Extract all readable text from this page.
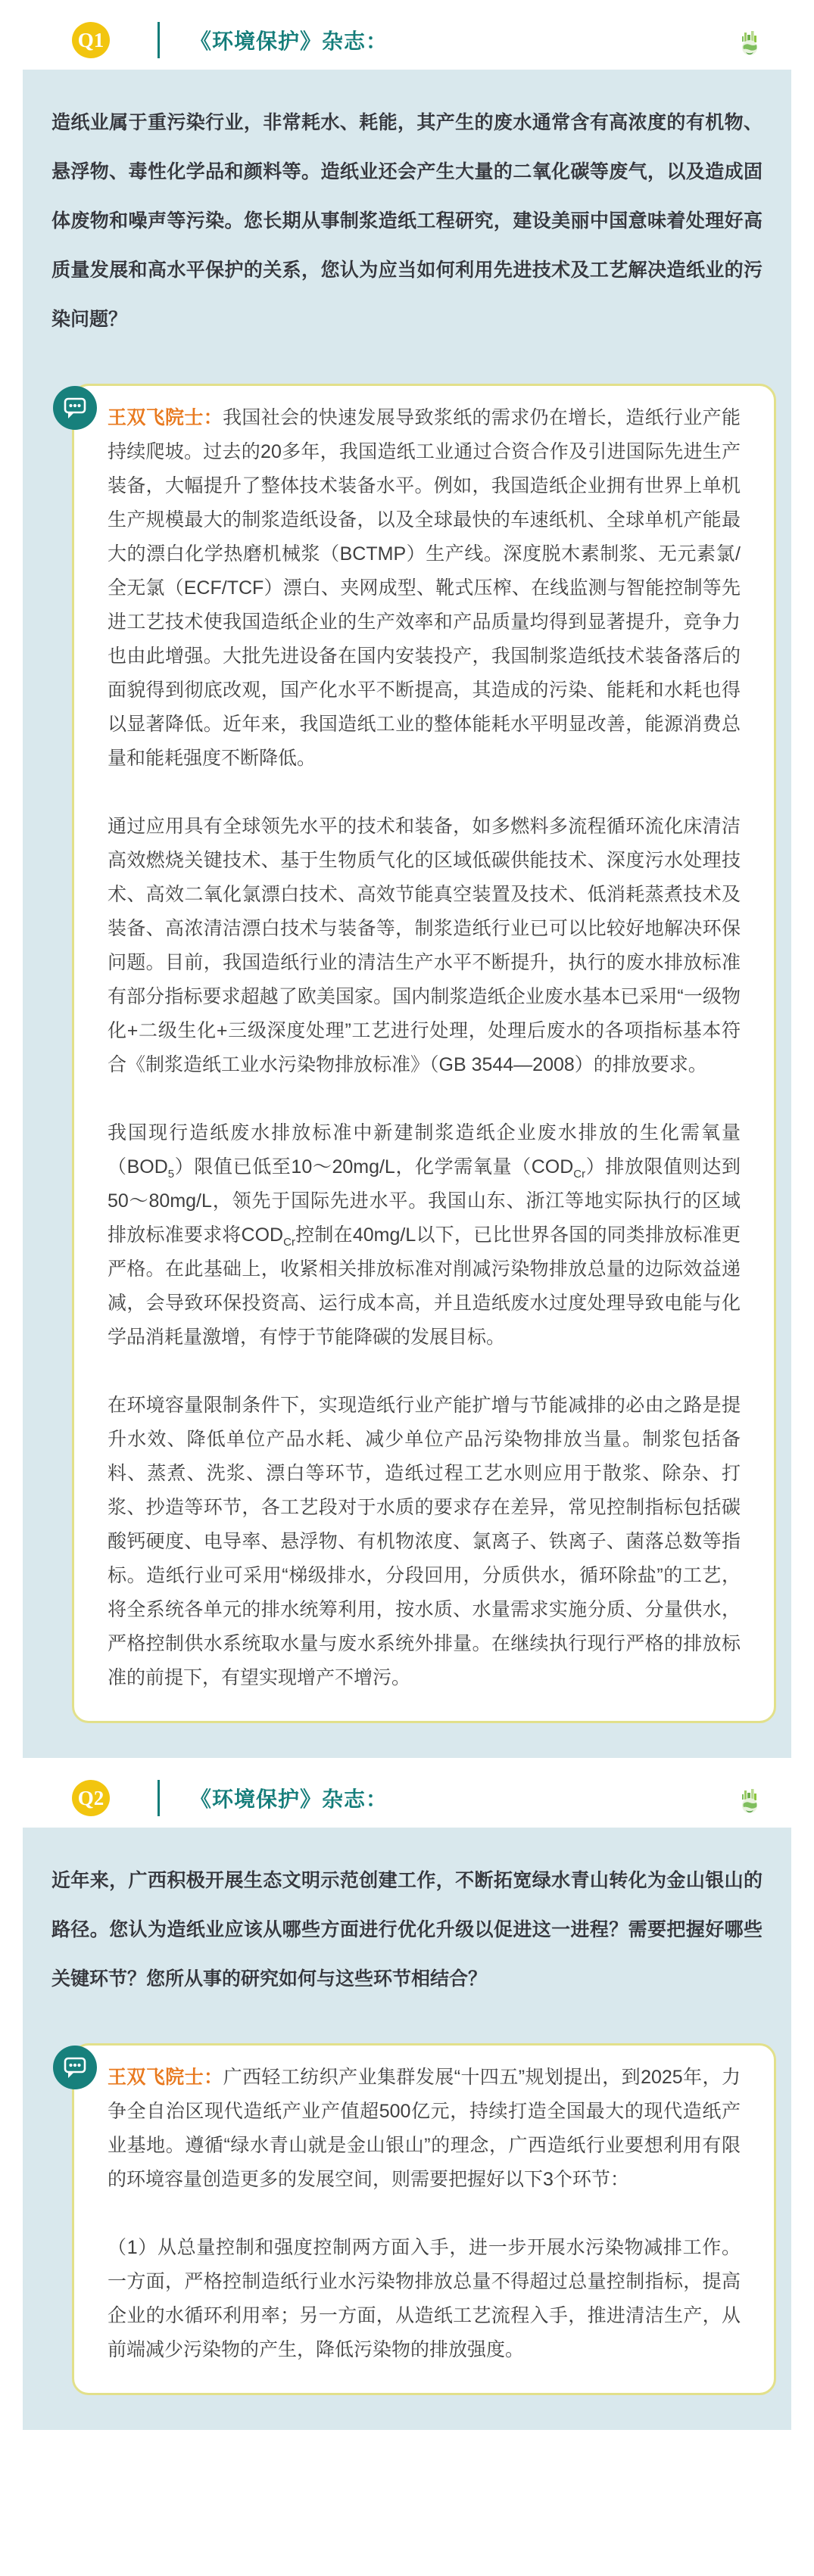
Q1	《环境保护》杂志：

造纸业属于重污染行业，非常耗水、耗能，其产生的废水通常含有高浓度的有机物、悬浮物、毒性化学品和颜料等。造纸业还会产生大量的二氧化碳等废气，以及造成固体废物和噪声等污染。您长期从事制浆造纸工程研究，建设美丽中国意味着处理好高质量发展和高水平保护的关系，您认为应当如何利用先进技术及工艺解决造纸业的污染问题？

王双飞院士：我国社会的快速发展导致浆纸的需求仍在增长，造纸行业产能持续爬坡。过去的20多年，我国造纸工业通过合资合作及引进国际先进生产装备，大幅提升了整体技术装备水平。例如，我国造纸企业拥有世界上单机生产规模最大的制浆造纸设备，以及全球最快的车速纸机、全球单机产能最大的漂白化学热磨机械浆（BCTMP）生产线。深度脱木素制浆、无元素氯/全无氯（ECF/TCF）漂白、夹网成型、靴式压榨、在线监测与智能控制等先进工艺技术使我国造纸企业的生产效率和产品质量均得到显著提升，竞争力也由此增强。大批先进设备在国内安装投产，我国制浆造纸技术装备落后的面貌得到彻底改观，国产化水平不断提高，其造成的污染、能耗和水耗也得以显著降低。近年来，我国造纸工业的整体能耗水平明显改善，能源消费总量和能耗强度不断降低。

通过应用具有全球领先水平的技术和装备，如多燃料多流程循环流化床清洁高效燃烧关键技术、基于生物质气化的区域低碳供能技术、深度污水处理技术、高效二氧化氯漂白技术、高效节能真空装置及技术、低消耗蒸煮技术及装备、高浓清洁漂白技术与装备等，制浆造纸行业已可以比较好地解决环保问题。目前，我国造纸行业的清洁生产水平不断提升，执行的废水排放标准有部分指标要求超越了欧美国家。国内制浆造纸企业废水基本已采用“一级物化+二级生化+三级深度处理”工艺进行处理，处理后废水的各项指标基本符合《制浆造纸工业水污染物排放标准》（GB 3544—2008）的排放要求。

我国现行造纸废水排放标准中新建制浆造纸企业废水排放的生化需氧量$(BOD_5)$限值已低至10～20mg/L，化学需氧量$(COD_{Cr})$排放限值则达到50～80mg/L，领先于国际先进水平。我国山东、浙江等地实际执行的区域排放标准要求将$COD_{Cr}$控制在40mg/L以下，已比世界各国的同类排放标准更严格。在此基础上，收紧相关排放标准对削减污染物排放总量的边际效益递减，会导致环保投资高、运行成本高，并且造纸废水过度处理导致电能与化学品消耗量激增，有悖于节能降碳的发展目标。

在环境容量限制条件下，实现造纸行业产能扩增与节能减排的必由之路是提升水效、降低单位产品水耗、减少单位产品污染物排放当量。制浆包括备料、蒸煮、洗浆、漂白等环节，造纸过程工艺水则应用于散浆、除杂、打浆、抄造等环节，各工艺段对于水质的要求存在差异，常见控制指标包括碳酸钙硬度、电导率、悬浮物、有机物浓度、氯离子、铁离子、菌落总数等指标。造纸行业可采用“梯级排水，分段回用，分质供水，循环除盐”的工艺，将全系统各单元的排水统筹利用，按水质、水量需求实施分质、分量供水，严格控制供水系统取水量与废水系统外排量。在继续执行现行严格的排放标准的前提下，有望实现增产不增污。

Q2	《环境保护》杂志：

近年来，广西积极开展生态文明示范创建工作，不断拓宽绿水青山转化为金山银山的路径。您认为造纸业应该从哪些方面进行优化升级以促进这一进程？需要把握好哪些关键环节？您所从事的研究如何与这些环节相结合？

王双飞院士：广西轻工纺织产业集群发展“十四五”规划提出，到2025年，力争全自治区现代造纸产业产值超500亿元，持续打造全国最大的现代造纸产业基地。遵循“绿水青山就是金山银山”的理念，广西造纸行业要想利用有限的环境容量创造更多的发展空间，则需要把握好以下3个环节：

（1）从总量控制和强度控制两方面入手，进一步开展水污染物减排工作。一方面，严格控制造纸行业水污染物排放总量不得超过总量控制指标，提高企业的水循环利用率；另一方面，从造纸工艺流程入手，推进清洁生产，从前端减少污染物的产生，降低污染物的排放强度。
